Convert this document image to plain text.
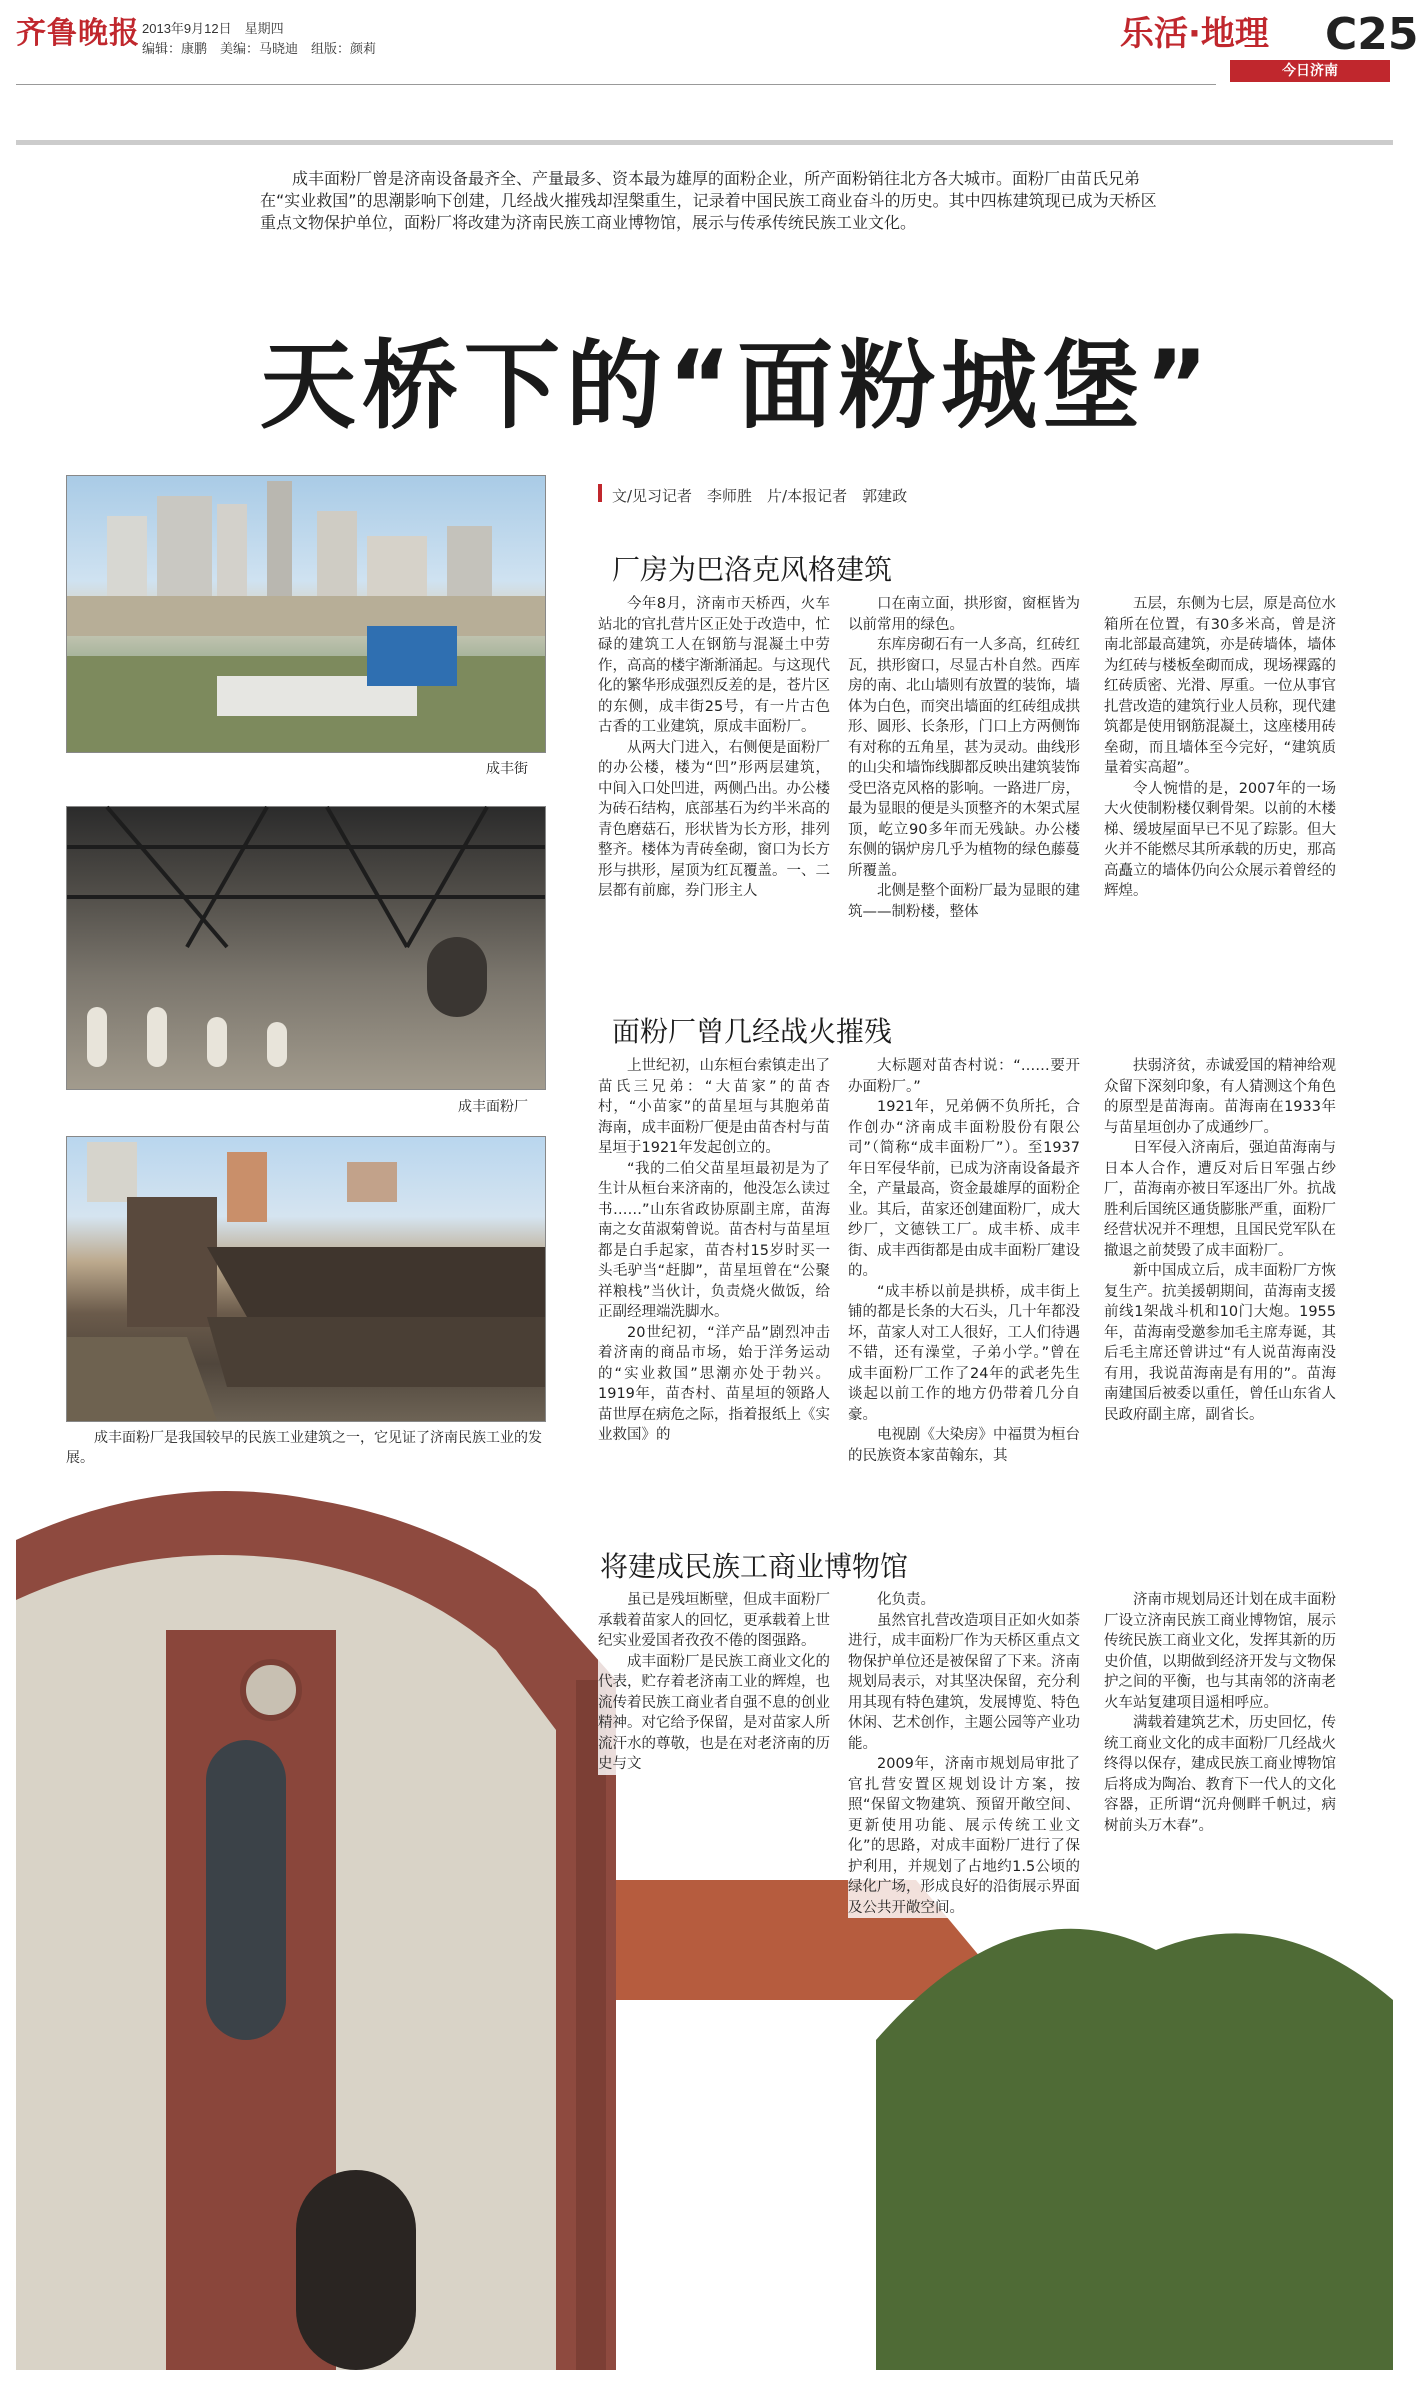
齐鲁晚报 2013年9月12日　星期四
编辑：康鹏　美编：马晓迪　组版：颜莉	乐活·地理 C25
今日济南
成丰面粉厂曾是济南设备最齐全、产量最多、资本最为雄厚的面粉企业，所产面粉销往北方各大城市。面粉厂由苗氏兄弟在“实业救国”的思潮影响下创建，几经战火摧残却涅槃重生，记录着中国民族工商业奋斗的历史。其中四栋建筑现已成为天桥区重点文物保护单位，面粉厂将改建为济南民族工商业博物馆，展示与传承传统民族工业文化。
天桥下的“面粉城堡”
文/见习记者　李师胜　片/本报记者　郭建政
成丰街
成丰面粉厂
成丰面粉厂是我国较早的民族工业建筑之一，它见证了济南民族工业的发展。
厂房为巴洛克风格建筑

今年8月，济南市天桥西，火车站北的官扎营片区正处于改造中，忙碌的建筑工人在钢筋与混凝土中劳作，高高的楼宇渐渐涌起。与这现代化的繁华形成强烈反差的是，苍片区的东侧，成丰街25号，有一片古色古香的工业建筑，原成丰面粉厂。

从两大门进入，右侧便是面粉厂的办公楼，楼为“凹”形两层建筑，中间入口处凹进，两侧凸出。办公楼为砖石结构，底部基石为约半米高的青色磨菇石，形状皆为长方形，排列整齐。楼体为青砖垒砌，窗口为长方形与拱形，屋顶为红瓦覆盖。一、二层都有前廊，券门形主人

口在南立面，拱形窗，窗框皆为以前常用的绿色。

东库房砌石有一人多高，红砖红瓦，拱形窗口，尽显古朴自然。西库房的南、北山墙则有放置的装饰，墙体为白色，而突出墙面的红砖组成拱形、圆形、长条形，门口上方两侧饰有对称的五角星，甚为灵动。曲线形的山尖和墙饰线脚都反映出建筑装饰受巴洛克风格的影响。一路进厂房，最为显眼的便是头顶整齐的木架式屋顶，屹立90多年而无残缺。办公楼东侧的锅炉房几乎为植物的绿色藤蔓所覆盖。

北侧是整个面粉厂最为显眼的建筑——制粉楼，整体

五层，东侧为七层，原是高位水箱所在位置，有30多米高，曾是济南北部最高建筑，亦是砖墙体，墙体为红砖与楼板垒砌而成，现场裸露的红砖质密、光滑、厚重。一位从事官扎营改造的建筑行业人员称，现代建筑都是使用钢筋混凝土，这座楼用砖垒砌，而且墙体至今完好，“建筑质量着实高超”。

令人惋惜的是，2007年的一场大火使制粉楼仅剩骨架。以前的木楼梯、缓坡屋面早已不见了踪影。但大火并不能燃尽其所承载的历史，那高高矗立的墙体仍向公众展示着曾经的辉煌。

面粉厂曾几经战火摧残

上世纪初，山东桓台索镇走出了苗氏三兄弟：“大苗家”的苗杏村，“小苗家”的苗星垣与其胞弟苗海南，成丰面粉厂便是由苗杏村与苗星垣于1921年发起创立的。

“我的二伯父苗星垣最初是为了生计从桓台来济南的，他没怎么读过书……”山东省政协原副主席，苗海南之女苗淑菊曾说。苗杏村与苗星垣都是白手起家，苗杏村15岁时买一头毛驴当“赶脚”，苗星垣曾在“公聚祥粮栈”当伙计，负责烧火做饭，给正副经理端洗脚水。

20世纪初，“洋产品”剧烈冲击着济南的商品市场，始于洋务运动的“实业救国”思潮亦处于勃兴。1919年，苗杏村、苗星垣的领路人苗世厚在病危之际，指着报纸上《实业救国》的

大标题对苗杏村说：“……要开办面粉厂。”

1921年，兄弟俩不负所托，合作创办“济南成丰面粉股份有限公司”（简称“成丰面粉厂”）。至1937年日军侵华前，已成为济南设备最齐全，产量最高，资金最雄厚的面粉企业。其后，苗家还创建面粉厂，成大纱厂，文德铁工厂。成丰桥、成丰街、成丰西街都是由成丰面粉厂建设的。

“成丰桥以前是拱桥，成丰街上铺的都是长条的大石头，几十年都没坏，苗家人对工人很好，工人们待遇不错，还有澡堂，子弟小学。”曾在成丰面粉厂工作了24年的武老先生谈起以前工作的地方仍带着几分自豪。

电视剧《大染房》中福贯为桓台的民族资本家苗翰东，其

扶弱济贫，赤诚爱国的精神给观众留下深刻印象，有人猜测这个角色的原型是苗海南。苗海南在1933年与苗星垣创办了成通纱厂。

日军侵入济南后，强迫苗海南与日本人合作，遭反对后日军强占纱厂，苗海南亦被日军逐出厂外。抗战胜利后国统区通货膨胀严重，面粉厂经营状况并不理想，且国民党军队在撤退之前焚毁了成丰面粉厂。

新中国成立后，成丰面粉厂方恢复生产。抗美援朝期间，苗海南支援前线1架战斗机和10门大炮。1955年，苗海南受邀参加毛主席寿诞，其后毛主席还曾讲过“有人说苗海南没有用，我说苗海南是有用的”。苗海南建国后被委以重任，曾任山东省人民政府副主席，副省长。

将建成民族工商业博物馆

虽已是残垣断壁，但成丰面粉厂承载着苗家人的回忆，更承载着上世纪实业爱国者孜孜不倦的图强路。

成丰面粉厂是民族工商业文化的代表，贮存着老济南工业的辉煌，也流传着民族工商业者自强不息的创业精神。对它给予保留，是对苗家人所流汗水的尊敬，也是在对老济南的历史与文

化负责。

虽然官扎营改造项目正如火如荼进行，成丰面粉厂作为天桥区重点文物保护单位还是被保留了下来。济南规划局表示，对其坚决保留，充分利用其现有特色建筑，发展博览、特色休闲、艺术创作，主题公园等产业功能。

2009年，济南市规划局审批了官扎营安置区规划设计方案，按照“保留文物建筑、预留开敞空间、更新使用功能、展示传统工业文化”的思路，对成丰面粉厂进行了保护利用，并规划了占地约1.5公顷的绿化广场，形成良好的沿街展示界面及公共开敞空间。

济南市规划局还计划在成丰面粉厂设立济南民族工商业博物馆，展示传统民族工商业文化，发挥其新的历史价值，以期做到经济开发与文物保护之间的平衡，也与其南邻的济南老火车站复建项目遥相呼应。

满载着建筑艺术，历史回忆，传统工商业文化的成丰面粉厂几经战火终得以保存，建成民族工商业博物馆后将成为陶冶、教育下一代人的文化容器，正所谓“沉舟侧畔千帆过，病树前头万木春”。
